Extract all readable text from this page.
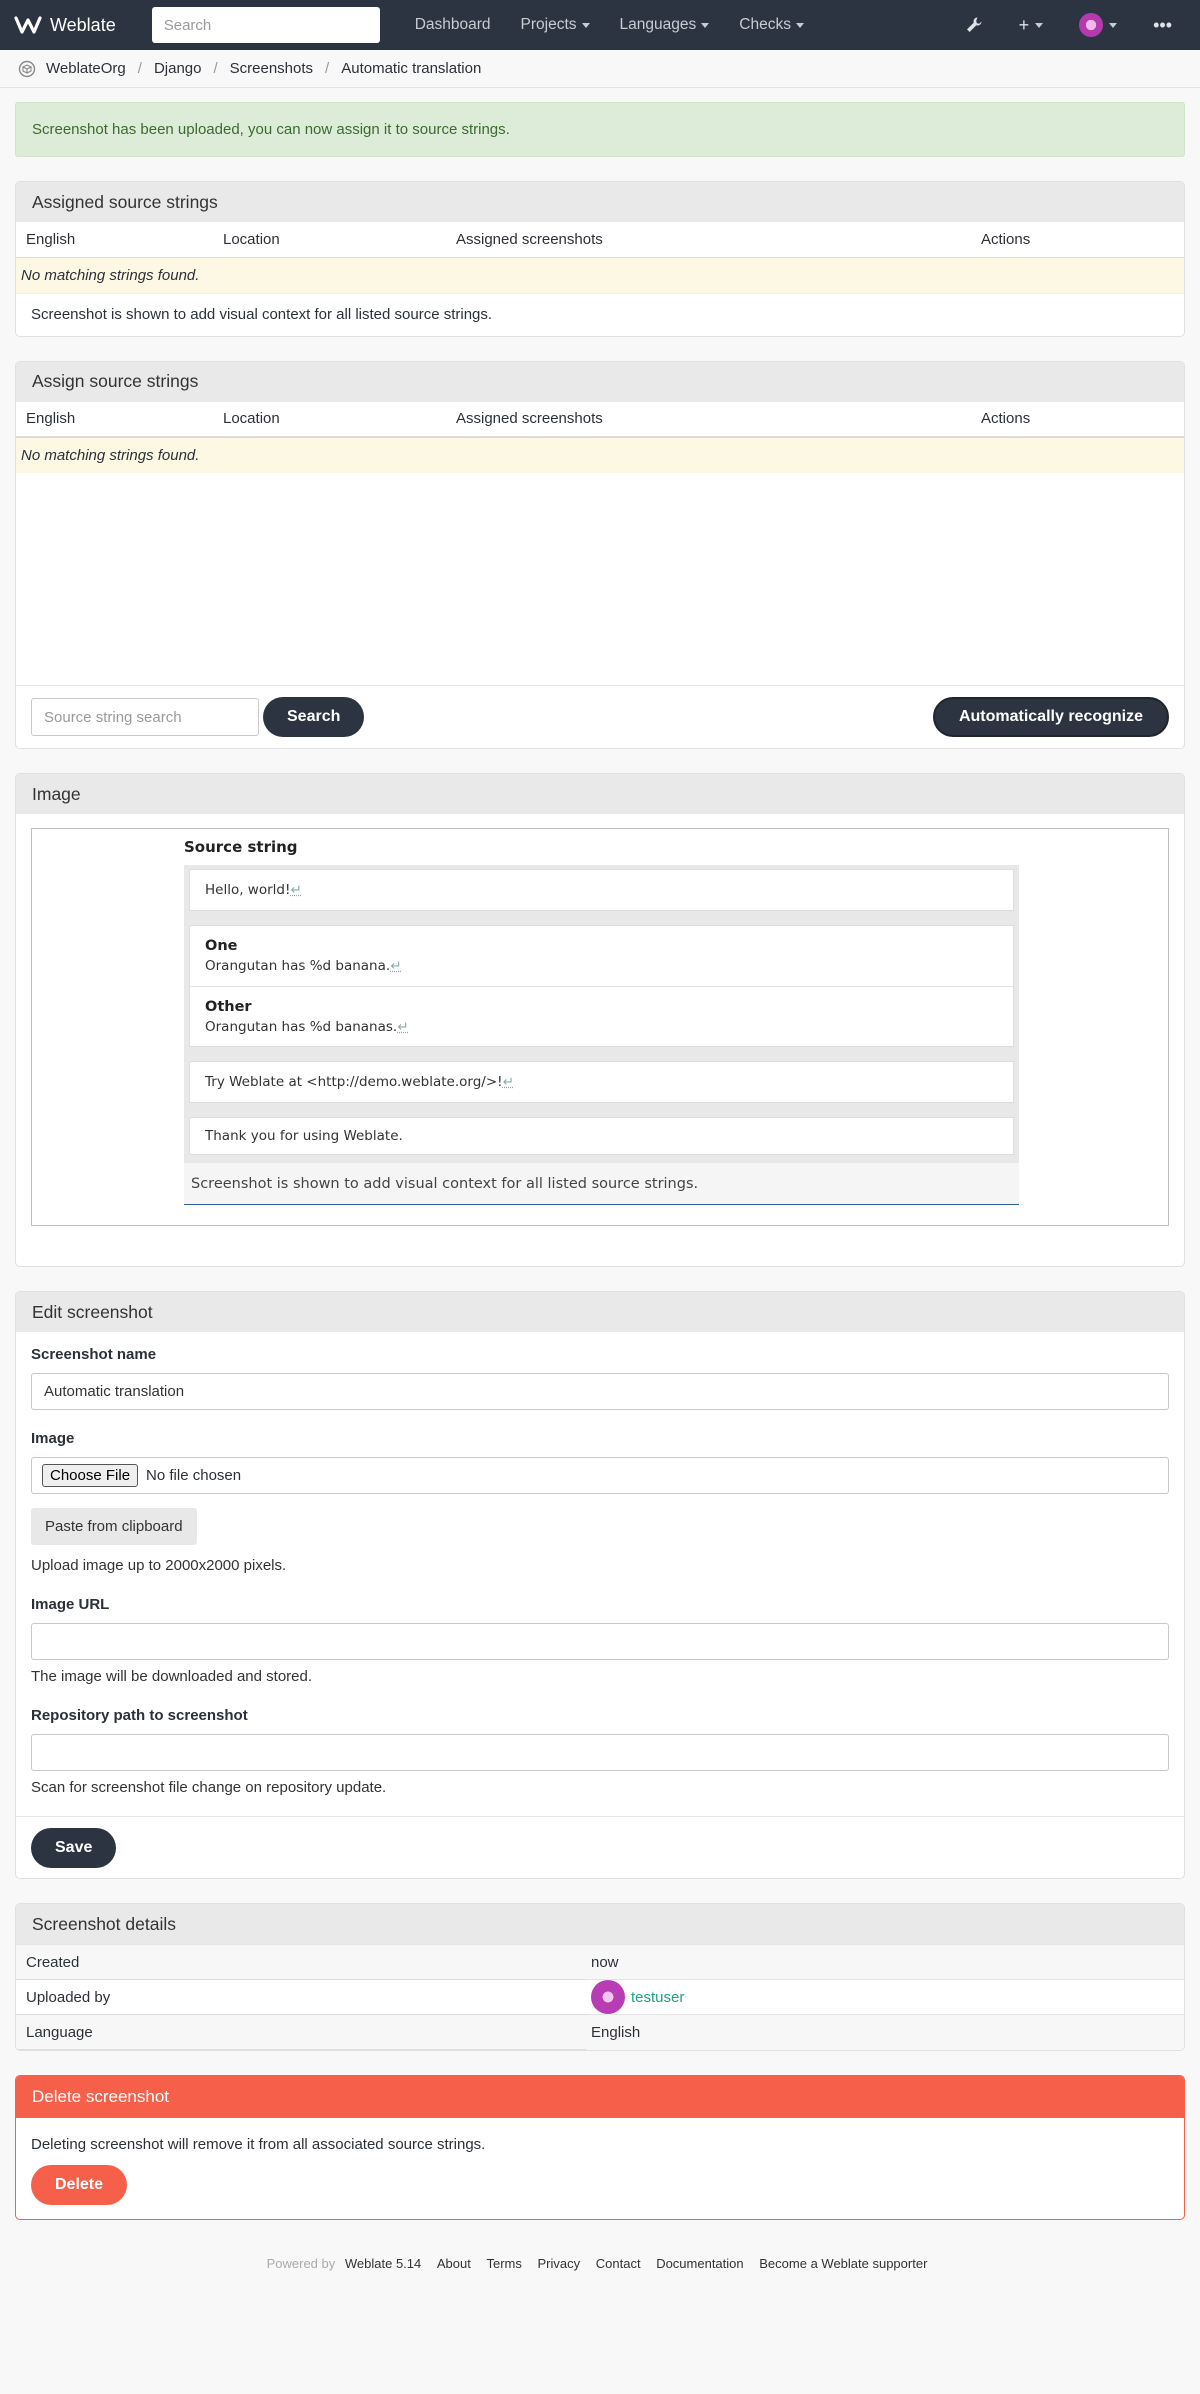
Weblate
Search	Dashboard Projects	Languages	Checks	+	•••
WeblateOrg / Django / Screenshots / Automatic translation
Screenshot has been uploaded, you can now assign it to source strings.
Assigned source strings
English	Location	Assigned screenshots	Actions
No matching strings found.
Screenshot is shown to add visual context for all listed source strings.
Assign source strings
English	Location	Assigned screenshots	Actions
No matching strings found.
Source string search
Search	Automatically recognize
Image
Source string
Hello, world! ↵
One
Orangutan has %d banana.↵
Other
Orangutan has %d bananas.↵
Try Weblate at <http://demo.weblate.org/>! ↵
Thank you for using Weblate.
Screenshot is shown to add visual context for all listed source strings.
Edit screenshot
Screenshot name
Automatic translation
Image
Choose File	No file chosen
Paste from clipboard

Upload image up to 2000x2000 pixels.

Image URL

The image will be downloaded and stored.

Repository path to screenshot

Scan for screenshot file change on repository update.

Save
Screenshot details
Created	now
Uploaded by	testuser

Language	English
Delete screenshot
Deleting screenshot will remove it from all associated source strings.
Delete
Powered by Weblate 5.14 About Terms Privacy Contact Documentation Become a Weblate supporter
